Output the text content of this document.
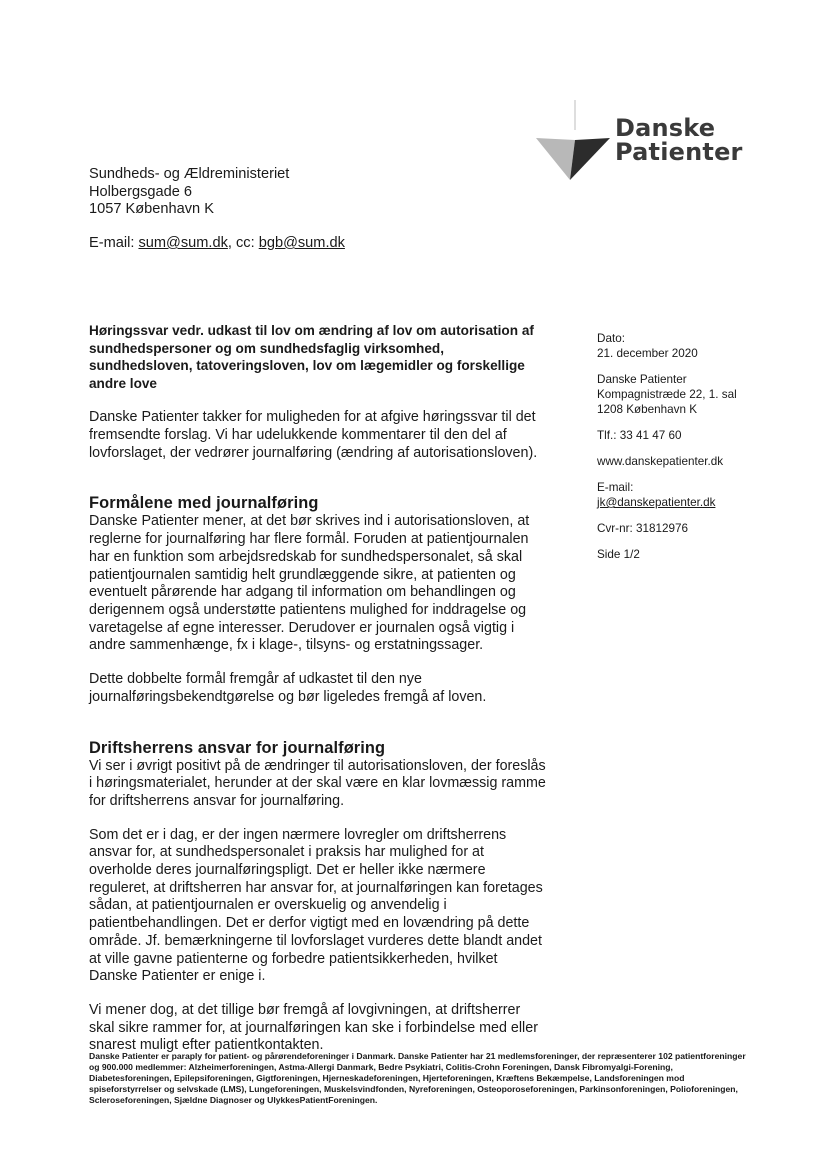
Danske
Patienter
Sundheds- og Ældreministeriet
Holbergsgade 6
1057 København K
E-mail: sum@sum.dk, cc: bgb@sum.dk

Høringssvar vedr. udkast til lov om ændring af lov om autorisation af sundhedspersoner og om sundhedsfaglig virksomhed, sundhedsloven, tatoveringsloven, lov om lægemidler og forskellige andre love

Danske Patienter takker for muligheden for at afgive høringssvar til det fremsendte forslag. Vi har udelukkende kommentarer til den del af lovforslaget, der vedrører journalføring (ændring af autorisationsloven).

Formålene med journalføring

Danske Patienter mener, at det bør skrives ind i autorisationsloven, at reglerne for journalføring har flere formål. Foruden at patientjournalen har en funktion som arbejdsredskab for sundhedspersonalet, så skal patientjournalen samtidig helt grundlæggende sikre, at patienten og eventuelt pårørende har adgang til information om behandlingen og derigennem også understøtte patientens mulighed for inddragelse og varetagelse af egne interesser. Derudover er journalen også vigtig i andre sammenhænge, fx i klage-, tilsyns- og erstatningssager.

Dette dobbelte formål fremgår af udkastet til den nye journalføringsbekendtgørelse og bør ligeledes fremgå af loven.

Driftsherrens ansvar for journalføring

Vi ser i øvrigt positivt på de ændringer til autorisationsloven, der foreslås i høringsmaterialet, herunder at der skal være en klar lovmæssig ramme for driftsherrens ansvar for journalføring.

Som det er i dag, er der ingen nærmere lovregler om driftsherrens ansvar for, at sundhedspersonalet i praksis har mulighed for at overholde deres journalføringspligt. Det er heller ikke nærmere reguleret, at driftsherren har ansvar for, at journalføringen kan foretages sådan, at patientjournalen er overskuelig og anvendelig i patientbehandlingen. Det er derfor vigtigt med en lovændring på dette område. Jf. bemærkningerne til lovforslaget vurderes dette blandt andet at ville gavne patienterne og forbedre patientsikkerheden, hvilket Danske Patienter er enige i.

Vi mener dog, at det tillige bør fremgå af lovgivningen, at driftsherrer skal sikre rammer for, at journalføringen kan ske i forbindelse med eller snarest muligt efter patientkontakten.

Dato:
21. december 2020
Danske Patienter
Kompagnistræde 22, 1. sal
1208 København K
Tlf.: 33 41 47 60
www.danskepatienter.dk
E-mail:
jk@danskepatienter.dk
Cvr-nr: 31812976
Side 1/2
Danske Patienter er paraply for patient- og pårørendeforeninger i Danmark. Danske Patienter har 21 medlemsforeninger, der repræsenterer 102 patientforeninger og 900.000 medlemmer: Alzheimerforeningen, Astma-Allergi Danmark, Bedre Psykiatri, Colitis-Crohn Foreningen, Dansk Fibromyalgi-Forening, Diabetesforeningen, Epilepsiforeningen, Gigtforeningen, Hjerneskadeforeningen, Hjerteforeningen, Kræftens Bekæmpelse, Landsforeningen mod spiseforstyrrelser og selvskade (LMS), Lungeforeningen, Muskelsvindfonden, Nyreforeningen, Osteoporoseforeningen, Parkinsonforeningen, Polioforeningen, Scleroseforeningen, Sjældne Diagnoser og UlykkesPatientForeningen.
